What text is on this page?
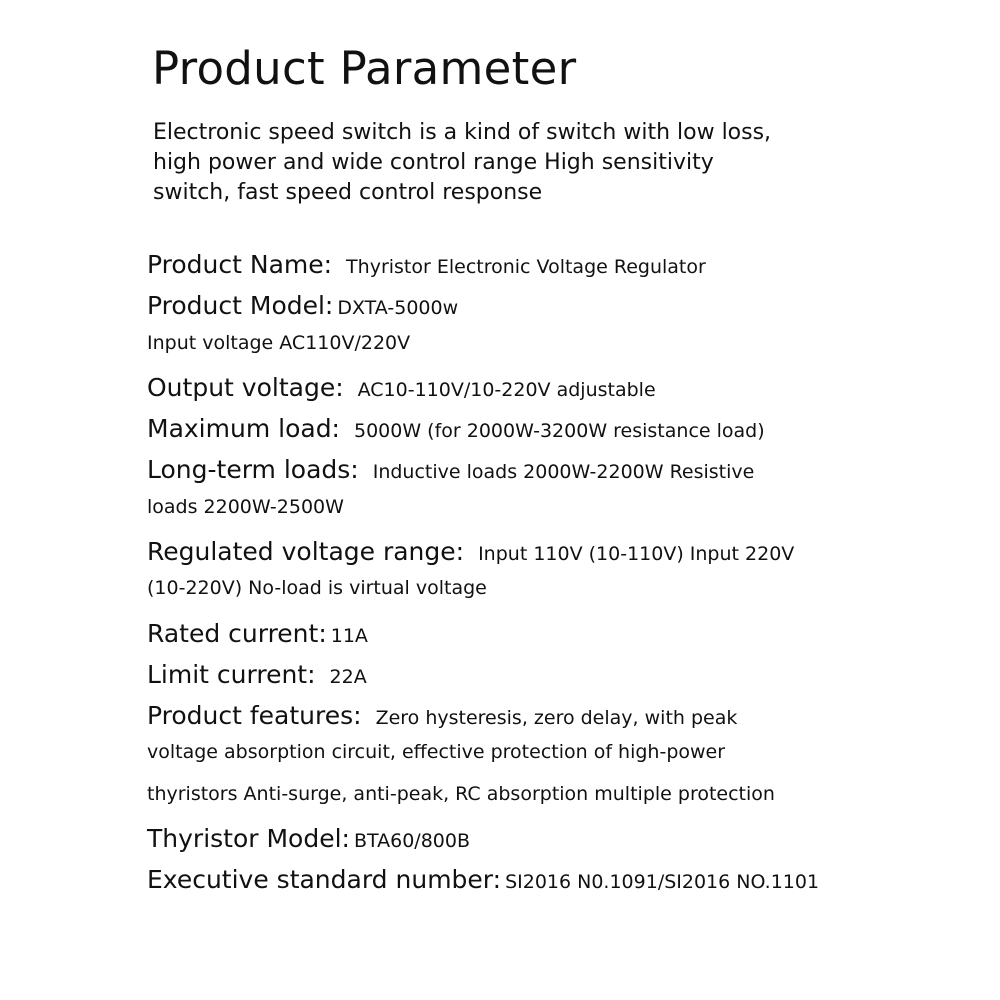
Product Parameter

Electronic speed switch is a kind of switch with low loss,
high power and wide control range High sensitivity
switch, fast speed control response

Product Name: Thyristor Electronic Voltage Regulator
Product Model: DXTA-5000w
Input voltage AC110V/220V
Output voltage: AC10-110V/10-220V adjustable
Maximum load: 5000W (for 2000W-3200W resistance load)
Long-term loads: Inductive loads 2000W-2200W Resistive
loads 2200W-2500W
Regulated voltage range: Input 110V (10-110V) Input 220V
(10-220V) No-load is virtual voltage
Rated current: 11A
Limit current: 22A
Product features: Zero hysteresis, zero delay, with peak
voltage absorption circuit, effective protection of high-power
thyristors Anti-surge, anti-peak, RC absorption multiple protection
Thyristor Model: BTA60/800B
Executive standard number: SI2016 N0.1091/SI2016 NO.1101
